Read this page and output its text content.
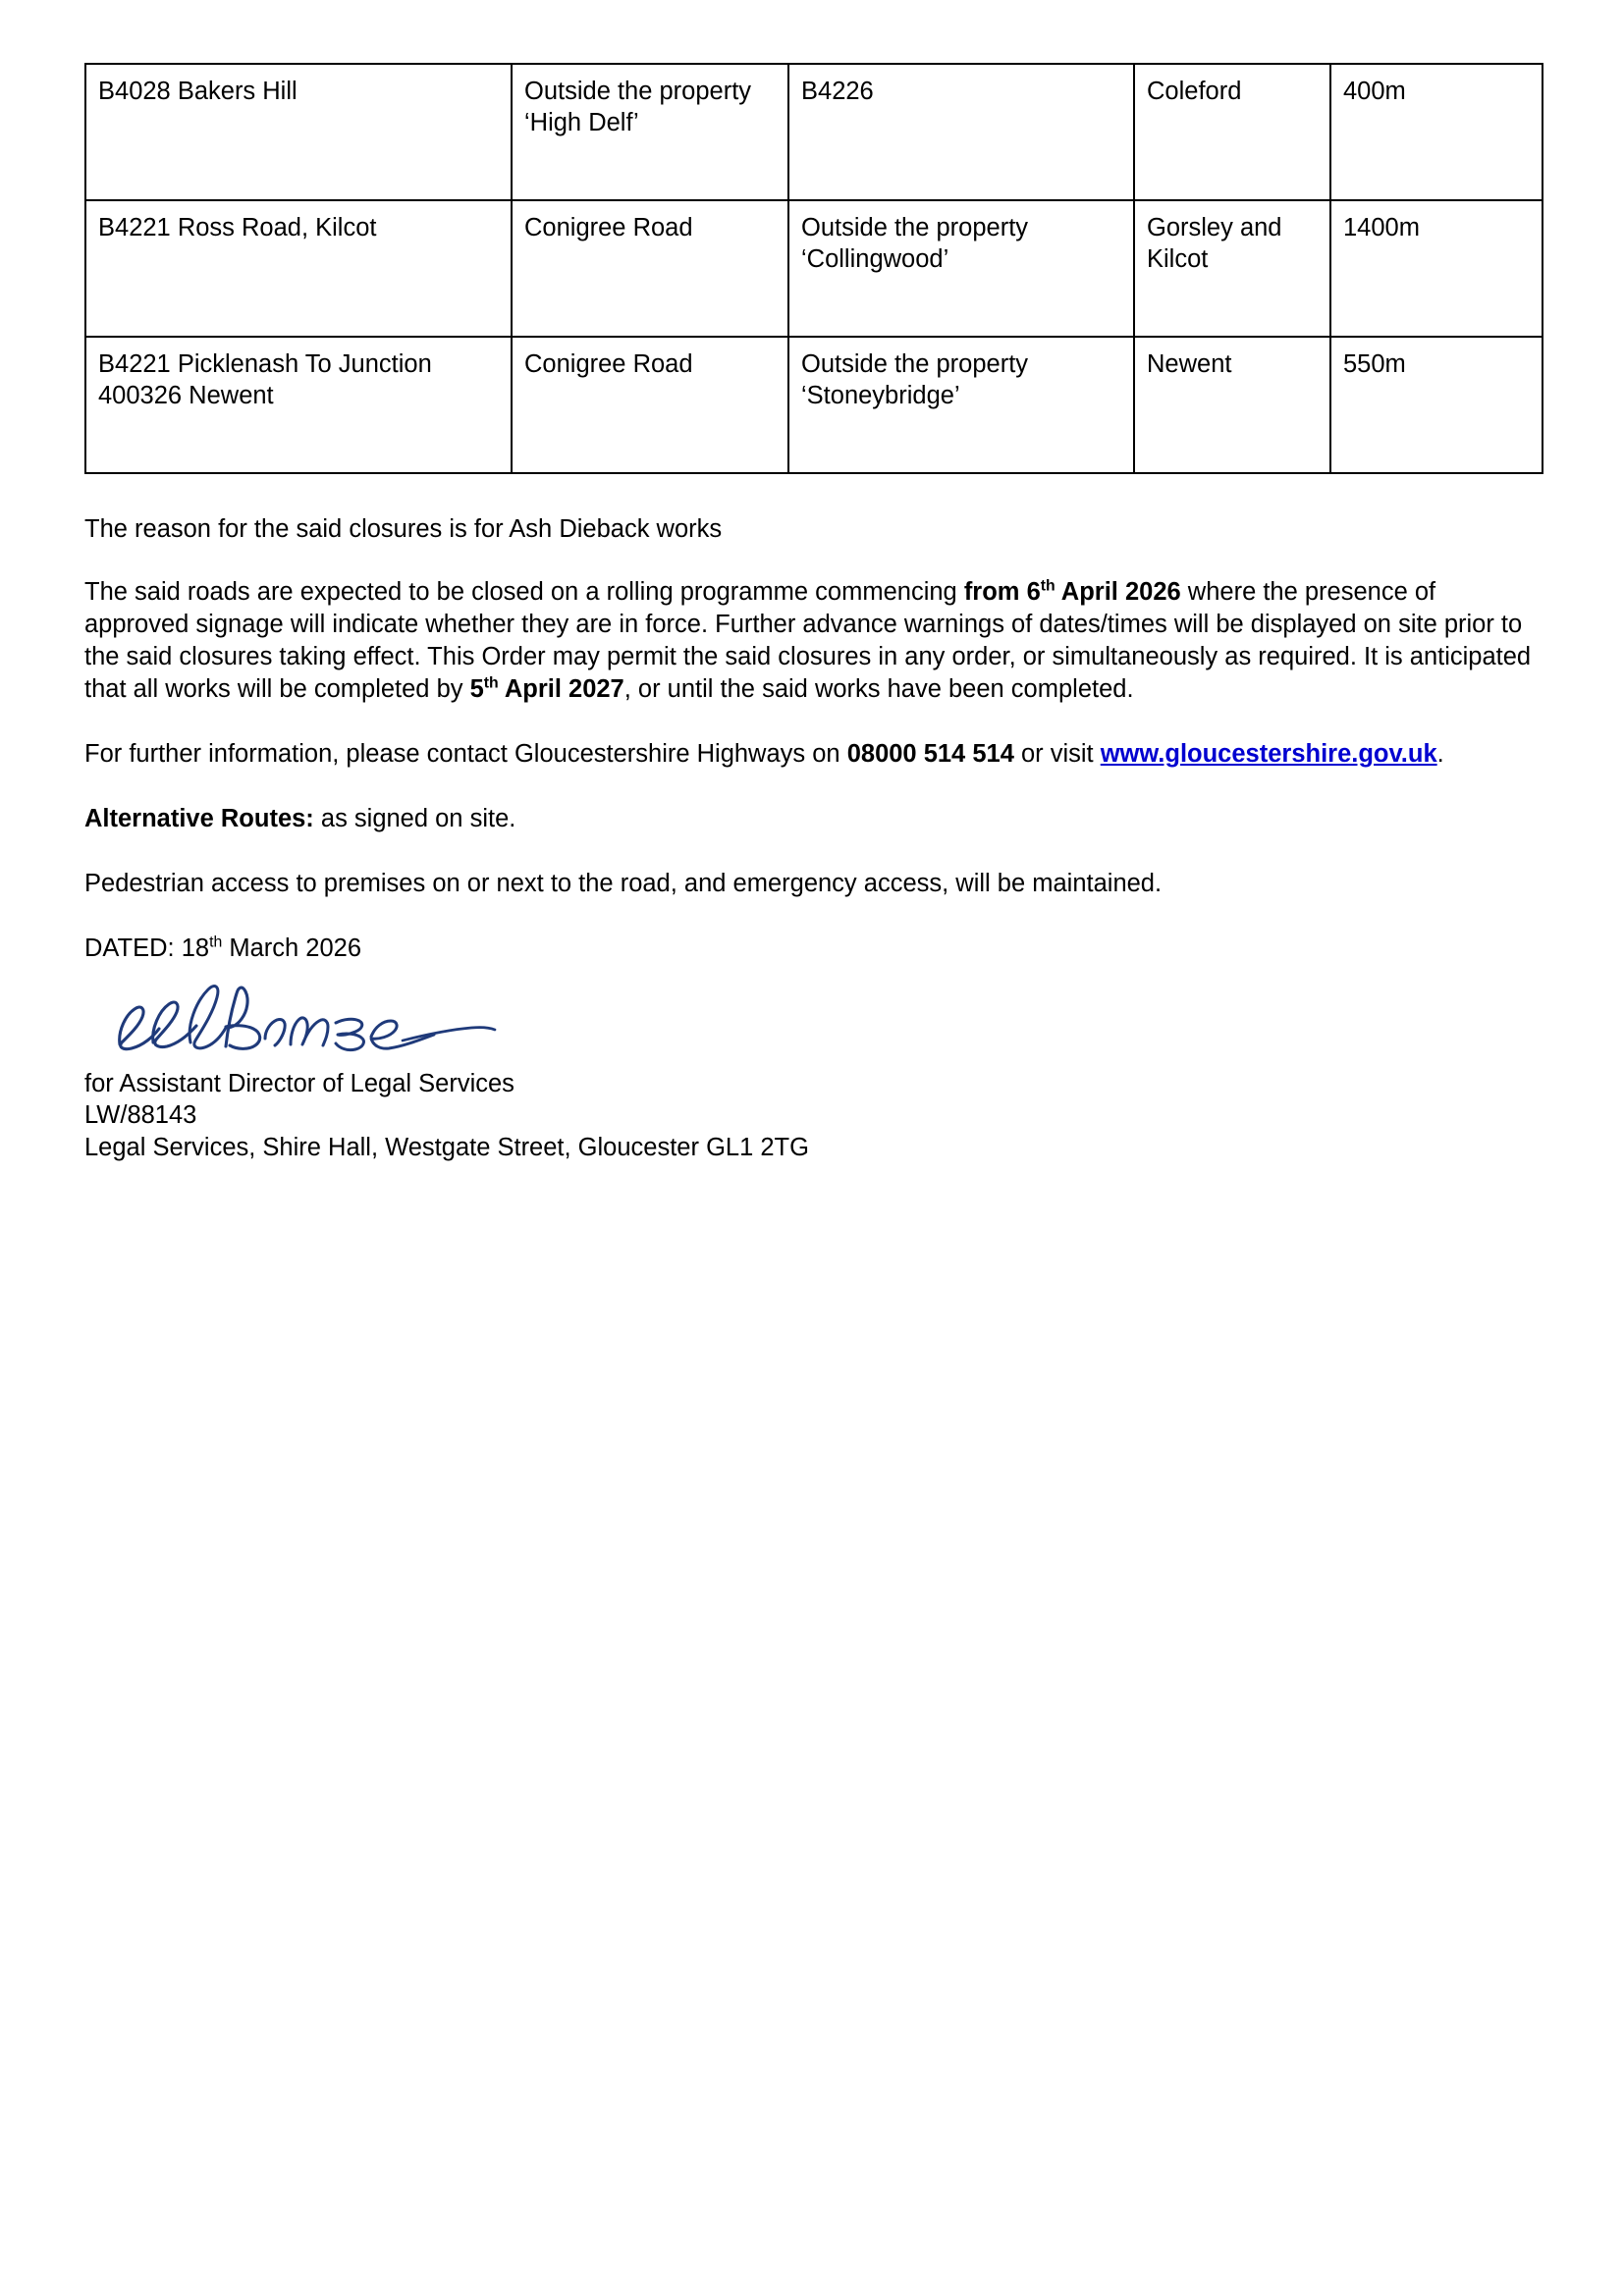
B4028 Bakers Hill	Outside the property ‘High Delf’	B4226	Coleford	400m
B4221 Ross Road, Kilcot	Conigree Road	Outside the property ‘Collingwood’	Gorsley and Kilcot	1400m
B4221 Picklenash To Junction 400326 Newent	Conigree Road	Outside the property ‘Stoneybridge’	Newent	550m

The reason for the said closures is for Ash Dieback works

The said roads are expected to be closed on a rolling programme commencing from 6th April 2026 where the presence of approved signage will indicate whether they are in force. Further advance warnings of dates/times will be displayed on site prior to the said closures taking effect. This Order may permit the said closures in any order, or simultaneously as required. It is anticipated that all works will be completed by 5th April 2027, or until the said works have been completed.

For further information, please contact Gloucestershire Highways on 08000 514 514 or visit www.gloucestershire.gov.uk.

Alternative Routes: as signed on site.

Pedestrian access to premises on or next to the road, and emergency access, will be maintained.

DATED: 18th March 2026

for Assistant Director of Legal Services

LW/88143

Legal Services, Shire Hall, Westgate Street, Gloucester GL1 2TG
